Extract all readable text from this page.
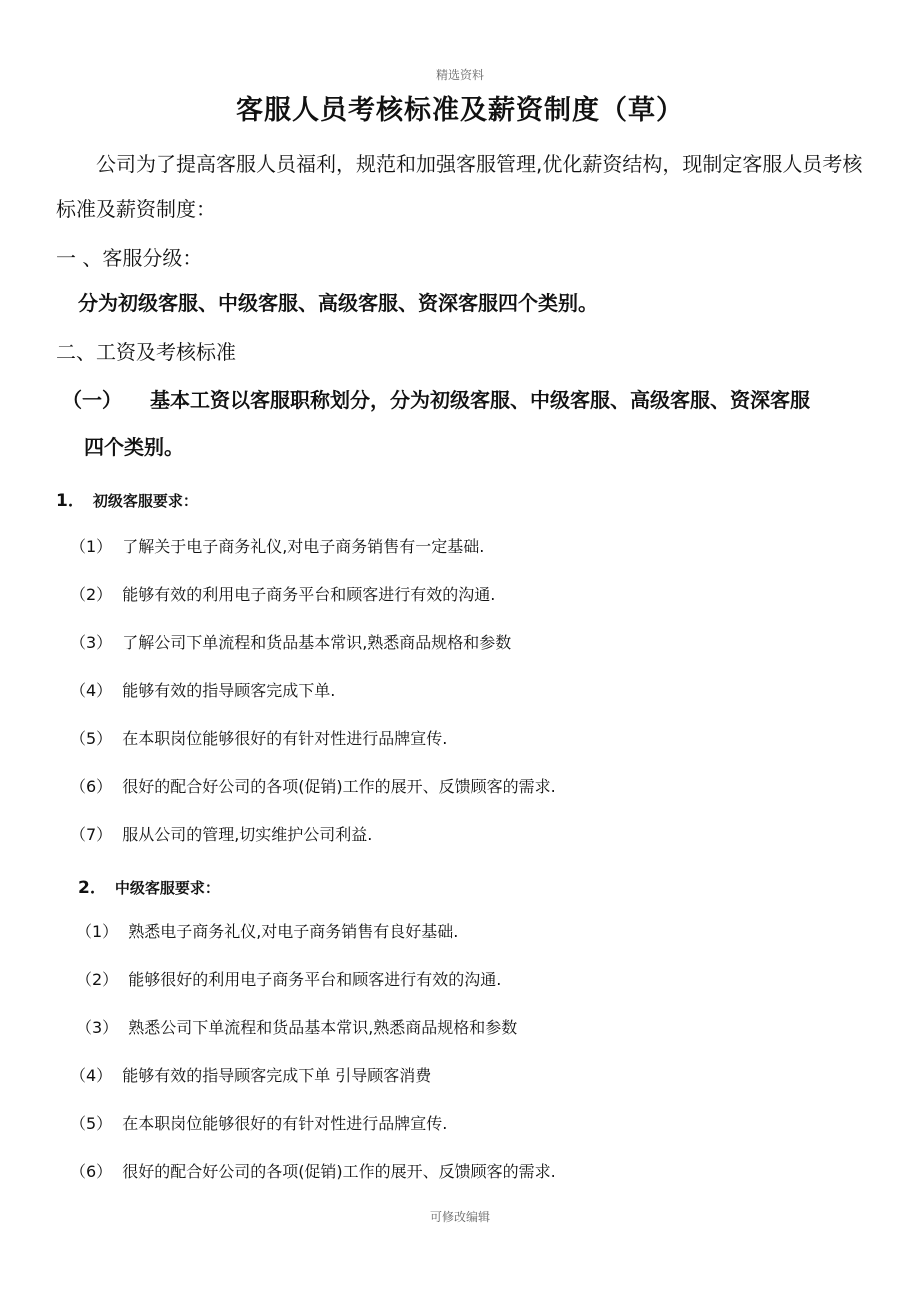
精选资料
客服人员考核标准及薪资制度（草）
公司为了提高客服人员福利，规范和加强客服管理,优化薪资结构，现制定客服人员考核标准及薪资制度：
一 、客服分级：
分为初级客服、中级客服、高级客服、资深客服四个类别。
二、工资及考核标准
（一） 基本工资以客服职称划分，分为初级客服、中级客服、高级客服、资深客服
四个类别。
1． 初级客服要求：
（1） 了解关于电子商务礼仪,对电子商务销售有一定基础.
（2） 能够有效的利用电子商务平台和顾客进行有效的沟通.
（3） 了解公司下单流程和货品基本常识,熟悉商品规格和参数
（4） 能够有效的指导顾客完成下单.
（5） 在本职岗位能够很好的有针对性进行品牌宣传.
（6） 很好的配合好公司的各项(促销)工作的展开、反馈顾客的需求.
（7） 服从公司的管理,切实维护公司利益.
2． 中级客服要求：
（1） 熟悉电子商务礼仪,对电子商务销售有良好基础.
（2） 能够很好的利用电子商务平台和顾客进行有效的沟通.
（3） 熟悉公司下单流程和货品基本常识,熟悉商品规格和参数
（4） 能够有效的指导顾客完成下单 引导顾客消费
（5） 在本职岗位能够很好的有针对性进行品牌宣传.
（6） 很好的配合好公司的各项(促销)工作的展开、反馈顾客的需求.
可修改编辑
